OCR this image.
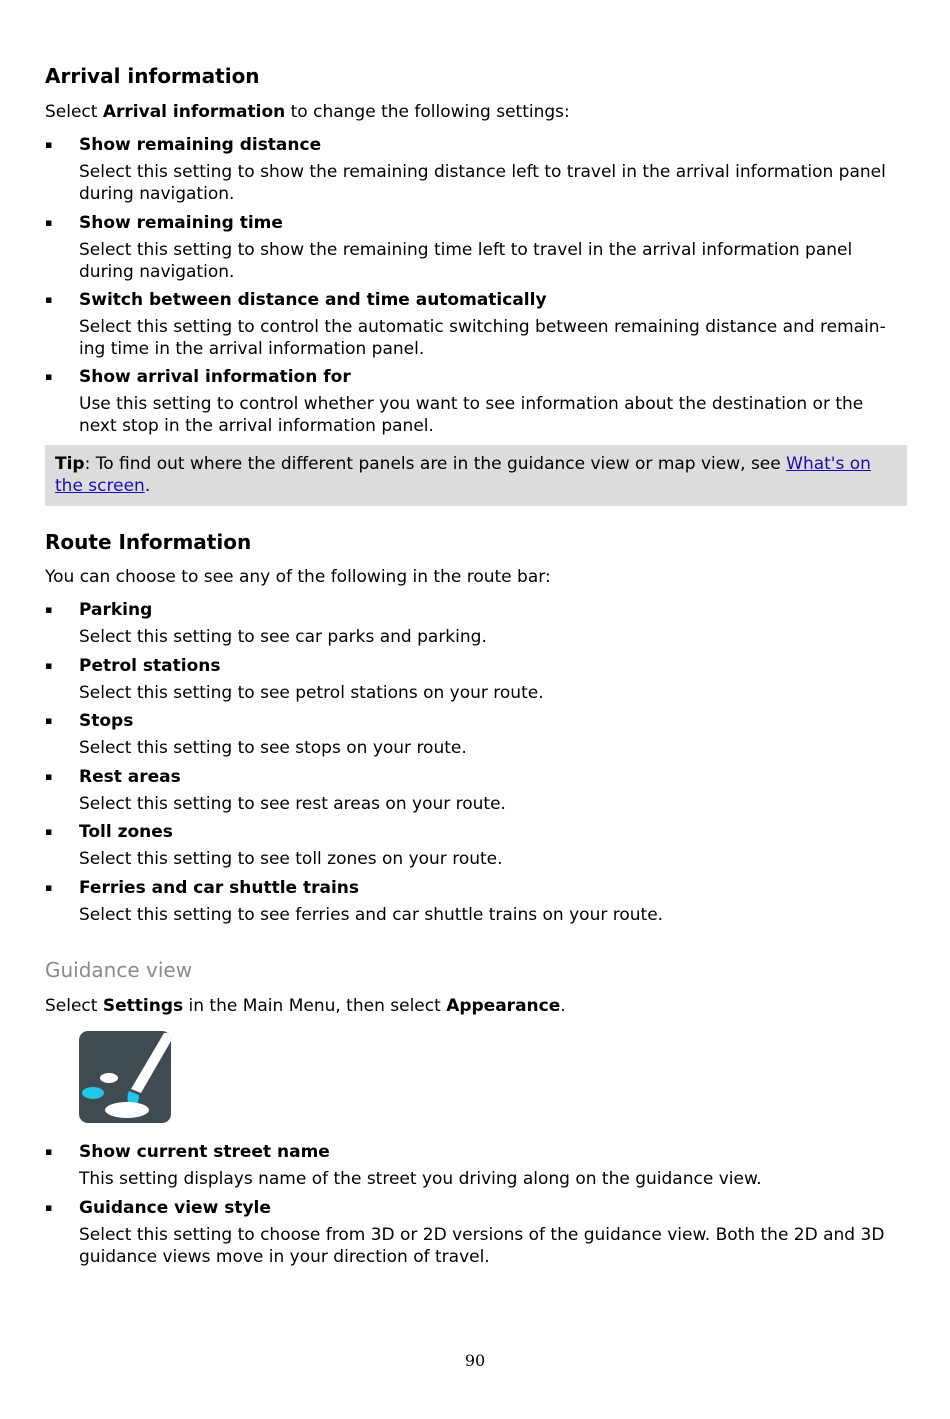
Arrival information
Select Arrival information to change the following settings:
▪ Show remaining distance
Select this setting to show the remaining distance left to travel in the arrival information panel during navigation.
▪ Show remaining time
Select this setting to show the remaining time left to travel in the arrival information panel during navigation.
▪ Switch between distance and time automatically
Select this setting to control the automatic switching between remaining distance and remain-ing time in the arrival information panel.
▪ Show arrival information for
Use this setting to control whether you want to see information about the destination or the next stop in the arrival information panel.
Tip: To find out where the different panels are in the guidance view or map view, see What's on the screen.
Route Information
You can choose to see any of the following in the route bar:
▪ Parking
Select this setting to see car parks and parking.
▪ Petrol stations
Select this setting to see petrol stations on your route.
▪ Stops
Select this setting to see stops on your route.
▪ Rest areas
Select this setting to see rest areas on your route.
▪ Toll zones
Select this setting to see toll zones on your route.
▪ Ferries and car shuttle trains
Select this setting to see ferries and car shuttle trains on your route.
Guidance view
Select Settings in the Main Menu, then select Appearance.
▪ Show current street name
This setting displays name of the street you driving along on the guidance view.
▪ Guidance view style
Select this setting to choose from 3D or 2D versions of the guidance view. Both the 2D and 3D guidance views move in your direction of travel.
90
